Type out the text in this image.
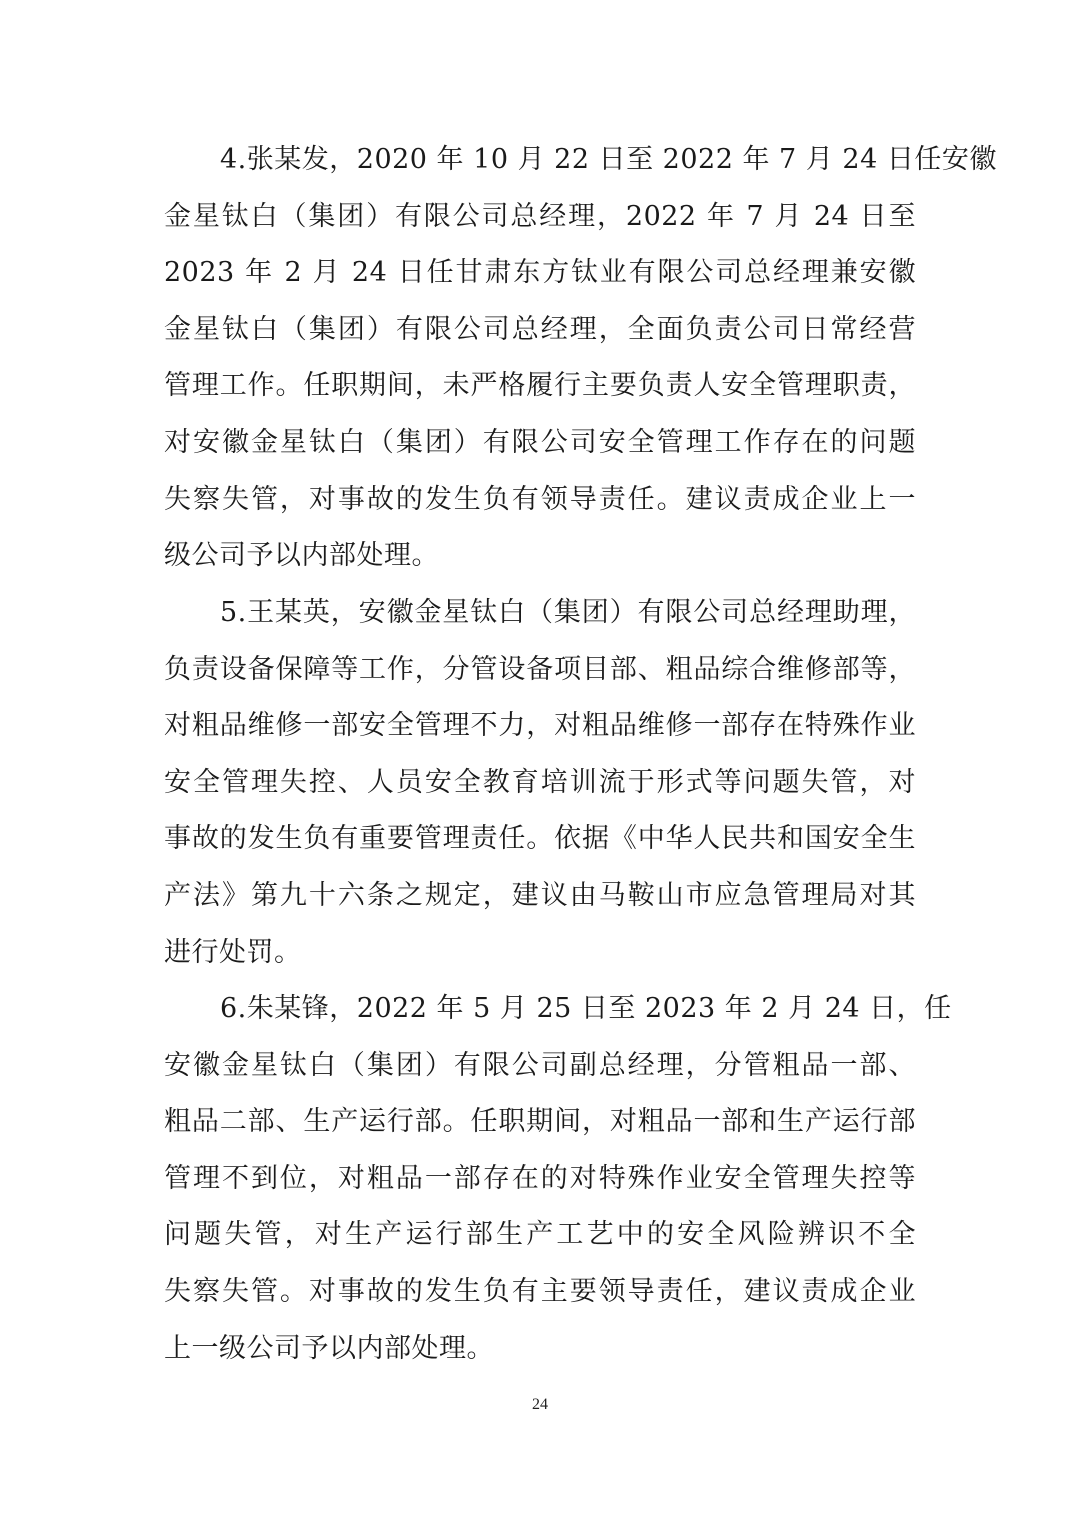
4.张某发，2020 年 10 月 22 日至 2022 年 7 月 24 日任安徽
金星钛白（集团）有限公司总经理，2022 年 7 月 24 日至
2023 年 2 月 24 日任甘肃东方钛业有限公司总经理兼安徽
金星钛白（集团）有限公司总经理，全面负责公司日常经营
管理工作。任职期间，未严格履行主要负责人安全管理职责，
对安徽金星钛白（集团）有限公司安全管理工作存在的问题
失察失管，对事故的发生负有领导责任。建议责成企业上一
级公司予以内部处理。
5.王某英，安徽金星钛白（集团）有限公司总经理助理，
负责设备保障等工作，分管设备项目部、粗品综合维修部等，
对粗品维修一部安全管理不力，对粗品维修一部存在特殊作业
安全管理失控、人员安全教育培训流于形式等问题失管，对
事故的发生负有重要管理责任。依据《中华人民共和国安全生
产法》第九十六条之规定，建议由马鞍山市应急管理局对其
进行处罚。
6.朱某锋，2022 年 5 月 25 日至 2023 年 2 月 24 日，任
安徽金星钛白（集团）有限公司副总经理，分管粗品一部、
粗品二部、生产运行部。任职期间，对粗品一部和生产运行部
管理不到位，对粗品一部存在的对特殊作业安全管理失控等
问题失管，对生产运行部生产工艺中的安全风险辨识不全
失察失管。对事故的发生负有主要领导责任，建议责成企业
上一级公司予以内部处理。
24
